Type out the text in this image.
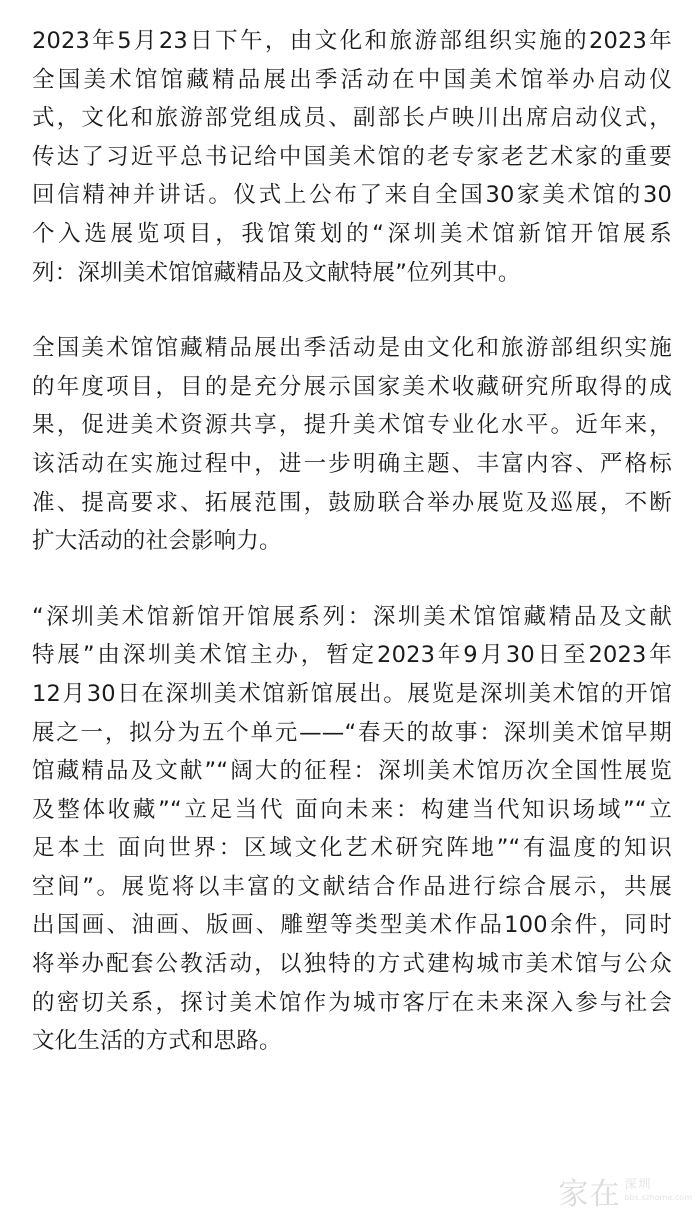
2023年5月23日下午，由文化和旅游部组织实施的2023年
全国美术馆馆藏精品展出季活动在中国美术馆举办启动仪
式，文化和旅游部党组成员、副部长卢映川出席启动仪式，
传达了习近平总书记给中国美术馆的老专家老艺术家的重要
回信精神并讲话。仪式上公布了来自全国30家美术馆的30
个入选展览项目，我馆策划的“深圳美术馆新馆开馆展系
列：深圳美术馆馆藏精品及文献特展”位列其中。
全国美术馆馆藏精品展出季活动是由文化和旅游部组织实施
的年度项目，目的是充分展示国家美术收藏研究所取得的成
果，促进美术资源共享，提升美术馆专业化水平。近年来，
该活动在实施过程中，进一步明确主题、丰富内容、严格标
准、提高要求、拓展范围，鼓励联合举办展览及巡展，不断
扩大活动的社会影响力。
“深圳美术馆新馆开馆展系列：深圳美术馆馆藏精品及文献
特展”由深圳美术馆主办，暂定2023年9月30日至2023年
12月30日在深圳美术馆新馆展出。展览是深圳美术馆的开馆
展之一，拟分为五个单元——“春天的故事：深圳美术馆早期
馆藏精品及文献”“阔大的征程：深圳美术馆历次全国性展览
及整体收藏”“立足当代 面向未来：构建当代知识场域”“立
足本土 面向世界：区域文化艺术研究阵地”“有温度的知识
空间”。展览将以丰富的文献结合作品进行综合展示，共展
出国画、油画、版画、雕塑等类型美术作品100余件，同时
将举办配套公教活动，以独特的方式建构城市美术馆与公众
的密切关系，探讨美术馆作为城市客厅在未来深入参与社会
文化生活的方式和思路。
家在 深圳
bbs.szhome.com
